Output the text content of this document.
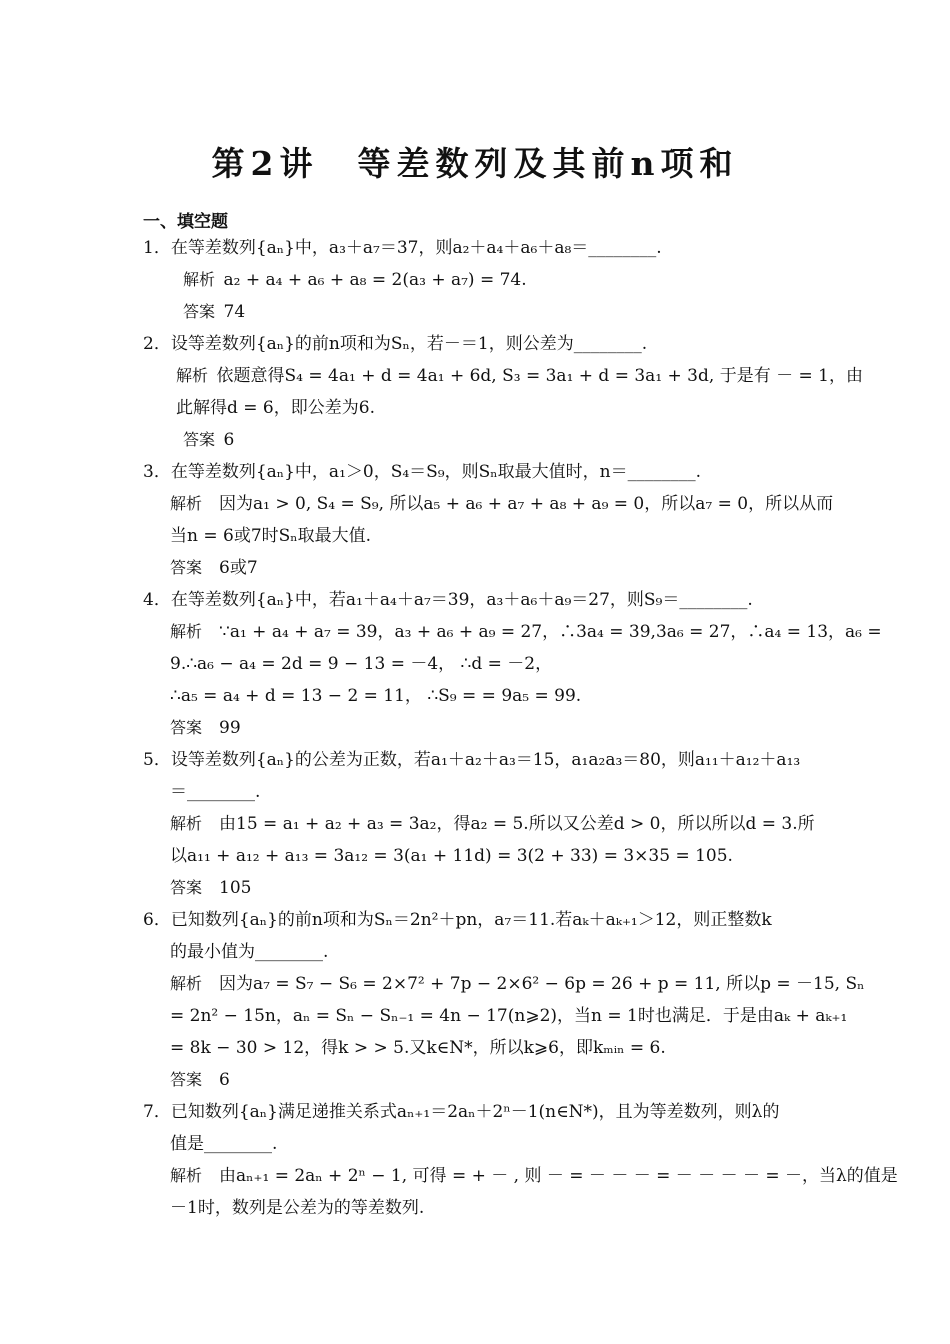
第2讲　等差数列及其前n项和
一、填空题
1．在等差数列{aₙ}中，a₃＋a₇＝37，则a₂＋a₄＋a₆＋a₈＝________.
解析  a₂ + a₄ + a₆ + a₈ = 2(a₃ + a₇) = 74.
答案  74
2．设等差数列{aₙ}的前n项和为Sₙ，若－＝1，则公差为________.
解析  依题意得S₄ = 4a₁ + d = 4a₁ + 6d, S₃ = 3a₁ + d = 3a₁ + 3d, 于是有 － = 1，由
此解得d = 6，即公差为6.
答案  6
3．在等差数列{aₙ}中，a₁＞0，S₄＝S₉，则Sₙ取最大值时，n＝________.
解析  因为a₁ > 0, S₄ = S₉, 所以a₅ + a₆ + a₇ + a₈ + a₉ = 0，所以a₇ = 0，所以从而
当n = 6或7时Sₙ取最大值.
答案  6或7
4．在等差数列{aₙ}中，若a₁＋a₄＋a₇＝39，a₃＋a₆＋a₉＝27，则S₉＝________.
解析  ∵a₁ + a₄ + a₇ = 39，a₃ + a₆ + a₉ = 27，∴3a₄ = 39,3a₆ = 27，∴a₄ = 13，a₆ =
9.∴a₆ − a₄ = 2d = 9 − 13 = －4， ∴d = －2，
∴a₅ = a₄ + d = 13 − 2 = 11， ∴S₉ = = 9a₅ = 99.
答案  99
5．设等差数列{aₙ}的公差为正数，若a₁＋a₂＋a₃＝15，a₁a₂a₃＝80，则a₁₁＋a₁₂＋a₁₃
＝________.
解析  由15 = a₁ + a₂ + a₃ = 3a₂，得a₂ = 5.所以又公差d > 0，所以所以d = 3.所
以a₁₁ + a₁₂ + a₁₃ = 3a₁₂ = 3(a₁ + 11d) = 3(2 + 33) = 3×35 = 105.
答案  105
6．已知数列{aₙ}的前n项和为Sₙ＝2n²＋pn，a₇＝11.若aₖ＋aₖ₊₁＞12，则正整数k
的最小值为________.
解析  因为a₇ = S₇ − S₆ = 2×7² + 7p − 2×6² − 6p = 26 + p = 11, 所以p = －15, Sₙ
= 2n² − 15n，aₙ = Sₙ − Sₙ₋₁ = 4n − 17(n⩾2)，当n = 1时也满足．于是由aₖ + aₖ₊₁
= 8k − 30 > 12，得k > > 5.又k∈N*，所以k⩾6，即kₘᵢₙ = 6.
答案  6
7．已知数列{aₙ}满足递推关系式aₙ₊₁＝2aₙ＋2ⁿ－1(n∈N*)，且为等差数列，则λ的
值是________.
解析  由aₙ₊₁ = 2aₙ + 2ⁿ − 1, 可得 = + － , 则 － = － － － = － － － － = －，当λ的值是
－1时，数列是公差为的等差数列.
